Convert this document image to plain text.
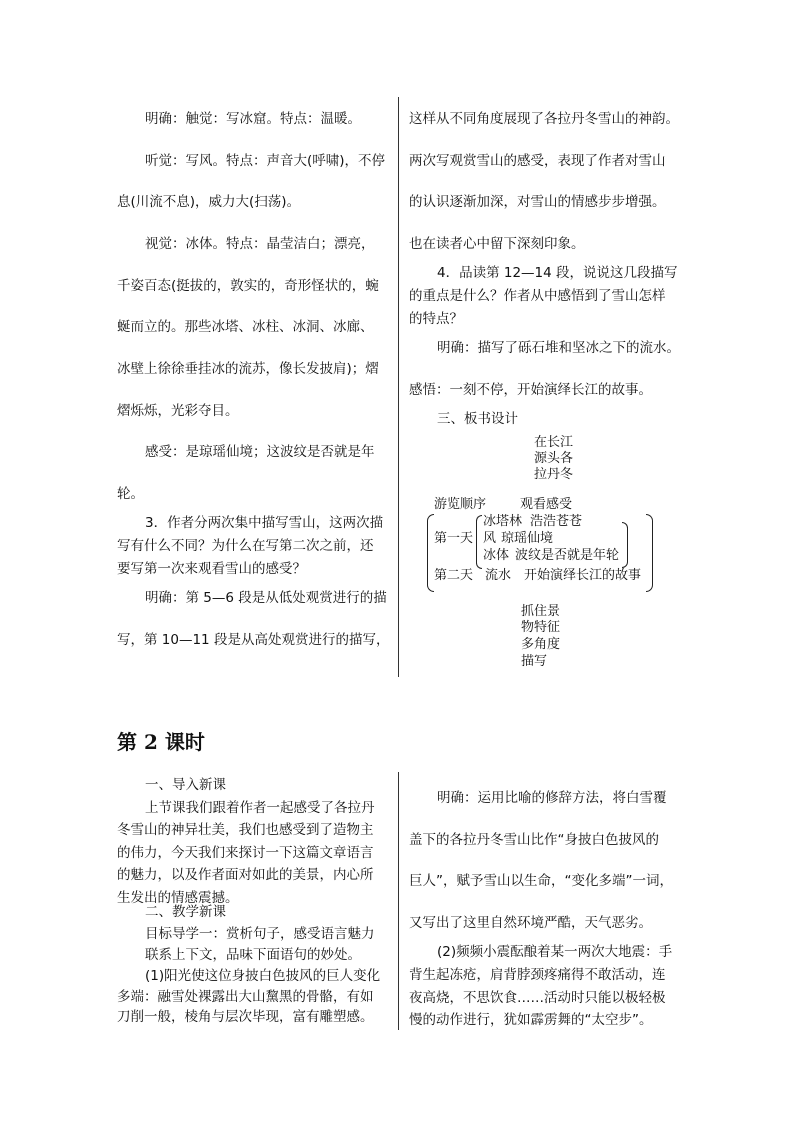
明确：触觉：写冰窟。特点：温暖。
听觉：写风。特点：声音大(呼啸)，不停
息(川流不息)，威力大(扫荡)。
视觉：冰体。特点：晶莹洁白；漂亮，
千姿百态(挺拔的，敦实的，奇形怪状的，蜿
蜒而立的。那些冰塔、冰柱、冰洞、冰廊、
冰壁上徐徐垂挂冰的流苏，像长发披肩)；熠
熠烁烁，光彩夺目。
感受：是琼瑶仙境；这波纹是否就是年
轮。
3．作者分两次集中描写雪山，这两次描
写有什么不同？为什么在写第二次之前，还
要写第一次来观看雪山的感受？
明确：第 5—6 段是从低处观赏进行的描
写，第 10—11 段是从高处观赏进行的描写，
这样从不同角度展现了各拉丹冬雪山的神韵。
两次写观赏雪山的感受，表现了作者对雪山
的认识逐渐加深，对雪山的情感步步增强。
也在读者心中留下深刻印象。
4．品读第 12—14 段，说说这几段描写
的重点是什么？作者从中感悟到了雪山怎样
的特点？
明确：描写了砾石堆和坚冰之下的流水。
感悟：一刻不停，开始演绎长江的故事。
三、板书设计
在长江
源头各
拉丹冬
游览顺序	观看感受
冰塔林 浩浩苍苍
第一天 风 琼瑶仙境
冰体 波纹是否就是年轮
第二天 流水 开始演绎长江的故事
抓住景
物特征
多角度
描写
第 2 课时
一、导入新课
上节课我们跟着作者一起感受了各拉丹
冬雪山的神异壮美，我们也感受到了造物主
的伟力，今天我们来探讨一下这篇文章语言
的魅力，以及作者面对如此的美景，内心所
生发出的情感震撼。
二、教学新课
目标导学一：赏析句子，感受语言魅力
联系上下文，品味下面语句的妙处。
(1)阳光使这位身披白色披风的巨人变化
多端：融雪处裸露出大山黧黑的骨骼，有如
刀削一般，棱角与层次毕现，富有雕塑感。
明确：运用比喻的修辞方法，将白雪覆
盖下的各拉丹冬雪山比作“身披白色披风的
巨人”，赋予雪山以生命，“变化多端”一词，
又写出了这里自然环境严酷，天气恶劣。
(2)频频小震酝酿着某一两次大地震：手
背生起冻疮，肩背脖颈疼痛得不敢活动，连
夜高烧，不思饮食……活动时只能以极轻极
慢的动作进行，犹如霹雳舞的“太空步”。
